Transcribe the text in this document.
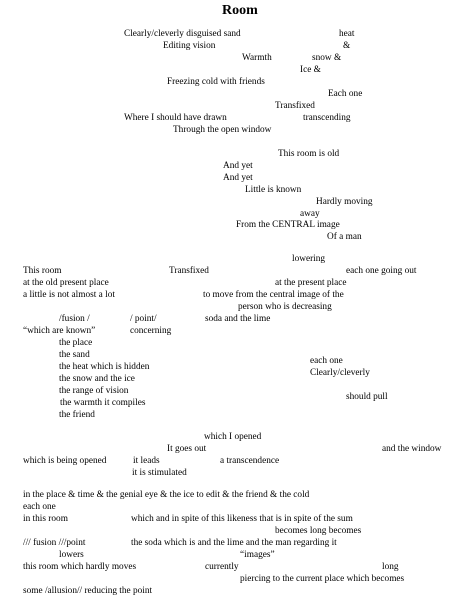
Room
Clearly/cleverly disguised sand	heat
Editing vision	&
Warmth	snow &
Ice &
Freezing cold with friends
Each one
Transfixed
Where I should have drawn	transcending
Through the open window
This room is old
And yet
And yet
Little is known
Hardly moving
away
From the CENTRAL image
Of a man
lowering
This room	Transfixed	each one going out
at the old present place	at the present place
a little is not almost a lot	to move from the central image of the
person who is decreasing
/fusion /	/ point/	soda and the lime
“which are known”	concerning
the place
the sand
each one
the heat which is hidden
Clearly/cleverly
the snow and the ice
the range of vision
should pull
the warmth it compiles
the friend
which I opened
It goes out	and the window
which is being opened	it leads	a transcendence
it is stimulated
in the place & time & the genial eye & the ice to edit & the friend & the cold
each one
in this room	which and in spite of this likeness that is in spite of the sum
becomes long becomes
/// fusion ///point	the soda which is and the lime and the man regarding it
lowers	“images”
this room which hardly moves	currently	long
piercing to the current place which becomes
some /allusion// reducing the point
